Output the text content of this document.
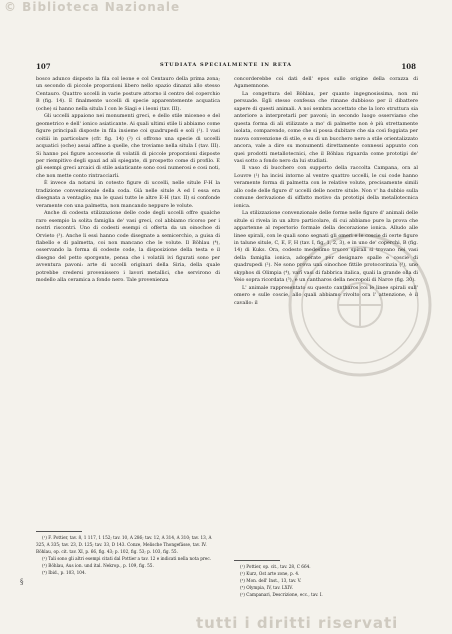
© Biblioteca Nazionale
107	STUDIATA SPECIALMENTE IN RETA	108

bosco adunco disposto la fila col leone e col Centauro della prima zona; un secondo di piccole proporzioni libero nello spazio dinanzi allo stesso Centauro. Quattro uccelli in varie posture attorno il centro del coperchio B (fig. 14). E finalmente uccelli di specie apparentemente acquatica (oche) si hanno nella situla I con le Siagi e i leoni (tav. III).

Gli uccelli appaiono nei monumenti greci, e dello stile miceneo e del geometrico e dell' ionico asiaticante. Ai quali ultimi stile li abbiamo come figure principali disposte in fila insieme coi quadrupedi e soli (¹). I vasi coitiii in particolare (cfr. fig. 14) (²) ci offrono una specie di uccelli acquatici (oche) assai affine a quelle, che troviamo nella situla I (tav. III). Si hanno poi figure accessorie di volatili di piccole proporzioni disposte per riempitivo degli spazi ad ali spiegate, di prospetto come di profilo. E gli esempi greci arcaici di stile asiaticante sono così numerosi e così noti, che non mette conto rintracciarli.

È invece da notarsi in cotesto figure di uccelli, nelle situle F-H la tradizione convenzionale della coda. Già nelle situle A ed I essa era disegnata a ventaglio; ma le quasi tutte le altre E-H (tav. II) si confonde veramente con una palmetta, non mancando neppure le volute.

Anche di codesta stilizzazione delle code degli uccelli offre qualche raro esempio la solita famiglia de' vasi greci, col abbiamo ricorso per i nostri riscontri. Uno di codesti esempi ci offerta da un oinochoe di Orvieto (³). Anche lì essi hanno code disegnate a semicerchio, a guisa di flabello e di palmetta, coi non mancano che le volute. Il Böhlau (⁴), osservando la forma di codeste code, la disposizione della testa e il disegno del petto sporgente, pensa che i volatili ivi figurati sono per avventura pavoni: arte di uccelli originari della Siria, della quale potrebbe credersi provenissero i lavori metallici, che servirono di modello alla ceramica a fondo nero. Tale provenienza

(¹) F. Pottier, tav. 8, 1 117, 1 152; tav. 10, A 286; tav. 12, A 314, A 310; tav. 13, A 325, A 335; tav. 23, D. 125; tav. 33, D 143. Conze, Melische Thongefässe, tav. IV. Böhlau, op. cit. tav. XI, p. 66, fig. 43; p. 102, fig. 53; p. 103, fig. 55.

(²) Tali sono gli altri esempi citati dal Pottier a tav. 12 e indicati nella nota prec.

(³) Böhlau, Aus ion. und ital. Nekrop., p. 109, fig. 55.

(⁴) Ibid., p. 103, 104.

§

concorderebbe coi dati dell' epos sullo origine della corazza di Agamemnone.

La congettura del Böhlau, per quanto ingegnosissima, non mi persuade. Egli stesso confessa che rimane dubbioso per il dibattere sapere di questi animali. A noi sembra accettato che la loro struttura sia anteriore a interpretarli per pavoni; in secondo luogo osserviamo che questa forma di ali stilizzate a mo' di palmette non è più strettamente isolata, comparendo, come che si possa dubitare che sia così foggiata per nuova convenzione di stile, e su di un bucchero nero a stile orientalizzato ancora, vale a dire su monumenti direttamente connessi appunto con quei prodotti metallotecnici, che il Böhlau riguarda come prototipi de' vasi sotto a fondo nero da lui studiati.

Il vaso di bucchero con supporto della raccolta Campana, ora al Louvre (¹) ha incisi intorno al ventre quattro uccelli, le cui code hanno veramente forma di palmetta con le relative volute, precisamente simili allo code delle figure d' uccelli delle nostre situle. Non v' ha dubbio sulla comune derivazione di siffatto motivo da prototipi della metallotecnica ionica.

La stilizzazione convenzionale delle forme nelle figure d' animali delle situle si rivela in un altro particolare, di cui abbiamo pure la prova che appartenne al repertorio formale della decorazione ionica. Alludo alle linee spirali, con le quali sono segnati gli omeri e le coscie di certe figure in talune situle, C, E, F, H (tav. I, fig. 1, 2, 3), e in uno de' coperchi, B (fig. 14) di Kuks. Ora, codesto medesimo trucco spirali si trovano nei vasi della famiglia ionica, adoperate per designare spalle e coscie di quadrupedi (²). Ne sono prova una oinochoe fittile protocorinzia (³), uno skyphos di Olimpia (⁴), varî vasi di fabbrica italica, quali la grande olla di Veio sopra ricordata (⁵), e un cantharos della necropoli di Narce (fig. 30).

L' animale rappresentato su questo cantharos coi le linee spirali sull' omero e sulle coscie, allo quali abbiamo rivolto ora l' attenzione, è il cavallo: il

(¹) Pottier, op. cit., tav. 28, C 664.

(²) Kurz, Ost arte zone, p. 4.

(³) Mon. dell' Inst., 13, tav. V.

(⁴) Olympia, IV, tav. LXIV.

(⁵) Campanari, Descrizione, ecc., tav. I.

tutti i diritti riservati
